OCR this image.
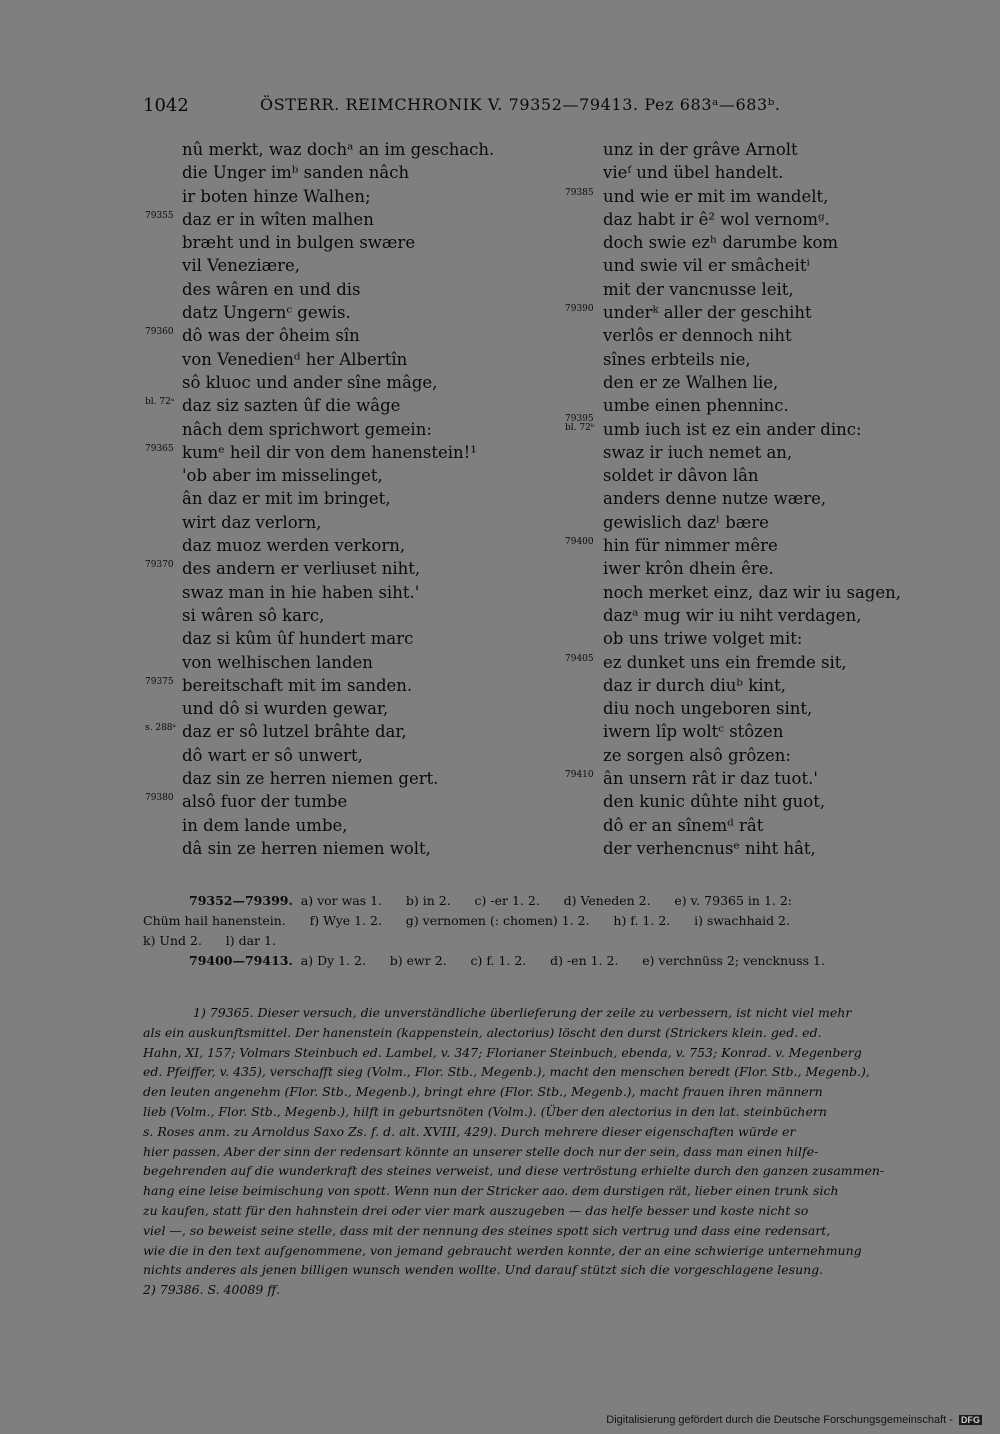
1042	ÖSTERR. REIMCHRONIK V. 79352—79413. Pez 683ᵃ—683ᵇ.
nû merkt, waz dochᵃ an im geschach.
die Unger imᵇ sanden nâch
ir boten hinze Walhen;
79355 daz er in wîten malhen
bræht und in bulgen swære
vil Veneziære,
des wâren en und dis
datz Ungernᶜ gewis.
79360 dô was der ôheim sîn
von Venedienᵈ her Albertîn
sô kluoc und ander sîne mâge,
bl. 72ᵃ daz siz sazten ûf die wâge
nâch dem sprichwort gemein:
79365 kumᵉ heil dir von dem hanenstein!¹
'ob aber im misselinget,
ân daz er mit im bringet,
wirt daz verlorn,
daz muoz werden verkorn,
79370 des andern er verliuset niht,
swaz man in hie haben siht.'
si wâren sô karc,
daz si kûm ûf hundert marc
von welhischen landen
79375 bereitschaft mit im sanden.
und dô si wurden gewar,
s. 288ᵃ daz er sô lutzel brâhte dar,
dô wart er sô unwert,
daz sin ze herren niemen gert.
79380 alsô fuor der tumbe
in dem lande umbe,
dâ sin ze herren niemen wolt,
unz in der grâve Arnolt
vieᶠ und übel handelt.
79385 und wie er mit im wandelt,
daz habt ir ê² wol vernomᵍ.
doch swie ezʰ darumbe kom
und swie vil er smâcheitⁱ
mit der vancnusse leit,
79390 underᵏ aller der geschiht
verlôs er dennoch niht
sînes erbteils nie,
den er ze Walhen lie,
umbe einen phenninc.
79395
bl. 72ᵇ umb iuch ist ez ein ander dinc:
swaz ir iuch nemet an,
soldet ir dâvon lân
anders denne nutze wære,
gewislich dazˡ bære
79400 hin für nimmer mêre
iwer krôn dhein êre.
noch merket einz, daz wir iu sagen,
dazᵃ mug wir iu niht verdagen,
ob uns triwe volget mit:
79405 ez dunket uns ein fremde sit,
daz ir durch diuᵇ kint,
diu noch ungeboren sint,
iwern lîp woltᶜ stôzen
ze sorgen alsô grôzen:
79410 ân unsern rât ir daz tuot.'
den kunic dûhte niht guot,
dô er an sînemᵈ rât
der verhencnusᵉ niht hât,
79352—79399.  a) vor was 1.      b) in 2.      c) -er 1. 2.      d) Veneden 2.      e) v. 79365 in 1. 2:
Chüm hail hanenstein.      f) Wye 1. 2.      g) vernomen (: chomen) 1. 2.      h) f. 1. 2.      i) swachhaid 2.
k) Und 2.      l) dar 1.
79400—79413.  a) Dy 1. 2.      b) ewr 2.      c) f. 1. 2.      d) -en 1. 2.      e) verchnüss 2; vencknuss 1.
1) 79365. Dieser versuch, die unverständliche überlieferung der zeile zu verbessern, ist nicht viel mehr
als ein auskunftsmittel. Der hanenstein (kappenstein, alectorius) löscht den durst (Strickers klein. ged. ed.
Hahn, XI, 157; Volmars Steinbuch ed. Lambel, v. 347; Florianer Steinbuch, ebenda, v. 753; Konrad. v. Megenberg
ed. Pfeiffer, v. 435), verschafft sieg (Volm., Flor. Stb., Megenb.), macht den menschen beredt (Flor. Stb., Megenb.),
den leuten angenehm (Flor. Stb., Megenb.), bringt ehre (Flor. Stb., Megenb.), macht frauen ihren männern
lieb (Volm., Flor. Stb., Megenb.), hilft in geburtsnöten (Volm.). (Über den alectorius in den lat. steinbüchern
s. Roses anm. zu Arnoldus Saxo Zs. f. d. alt. XVIII, 429). Durch mehrere dieser eigenschaften würde er
hier passen. Aber der sinn der redensart könnte an unserer stelle doch nur der sein, dass man einen hilfe-
begehrenden auf die wunderkraft des steines verweist, und diese vertröstung erhielte durch den ganzen zusammen-
hang eine leise beimischung von spott. Wenn nun der Stricker aao. dem durstigen rät, lieber einen trunk sich
zu kaufen, statt für den hahnstein drei oder vier mark auszugeben — das helfe besser und koste nicht so
viel —, so beweist seine stelle, dass mit der nennung des steines spott sich vertrug und dass eine redensart,
wie die in den text aufgenommene, von jemand gebraucht werden konnte, der an eine schwierige unternehmung
nichts anderes als jenen billigen wunsch wenden wollte. Und darauf stützt sich die vorgeschlagene lesung.
2) 79386. S. 40089 ff.
Digitalisierung gefördert durch die Deutsche Forschungsgemeinschaft - DFG
